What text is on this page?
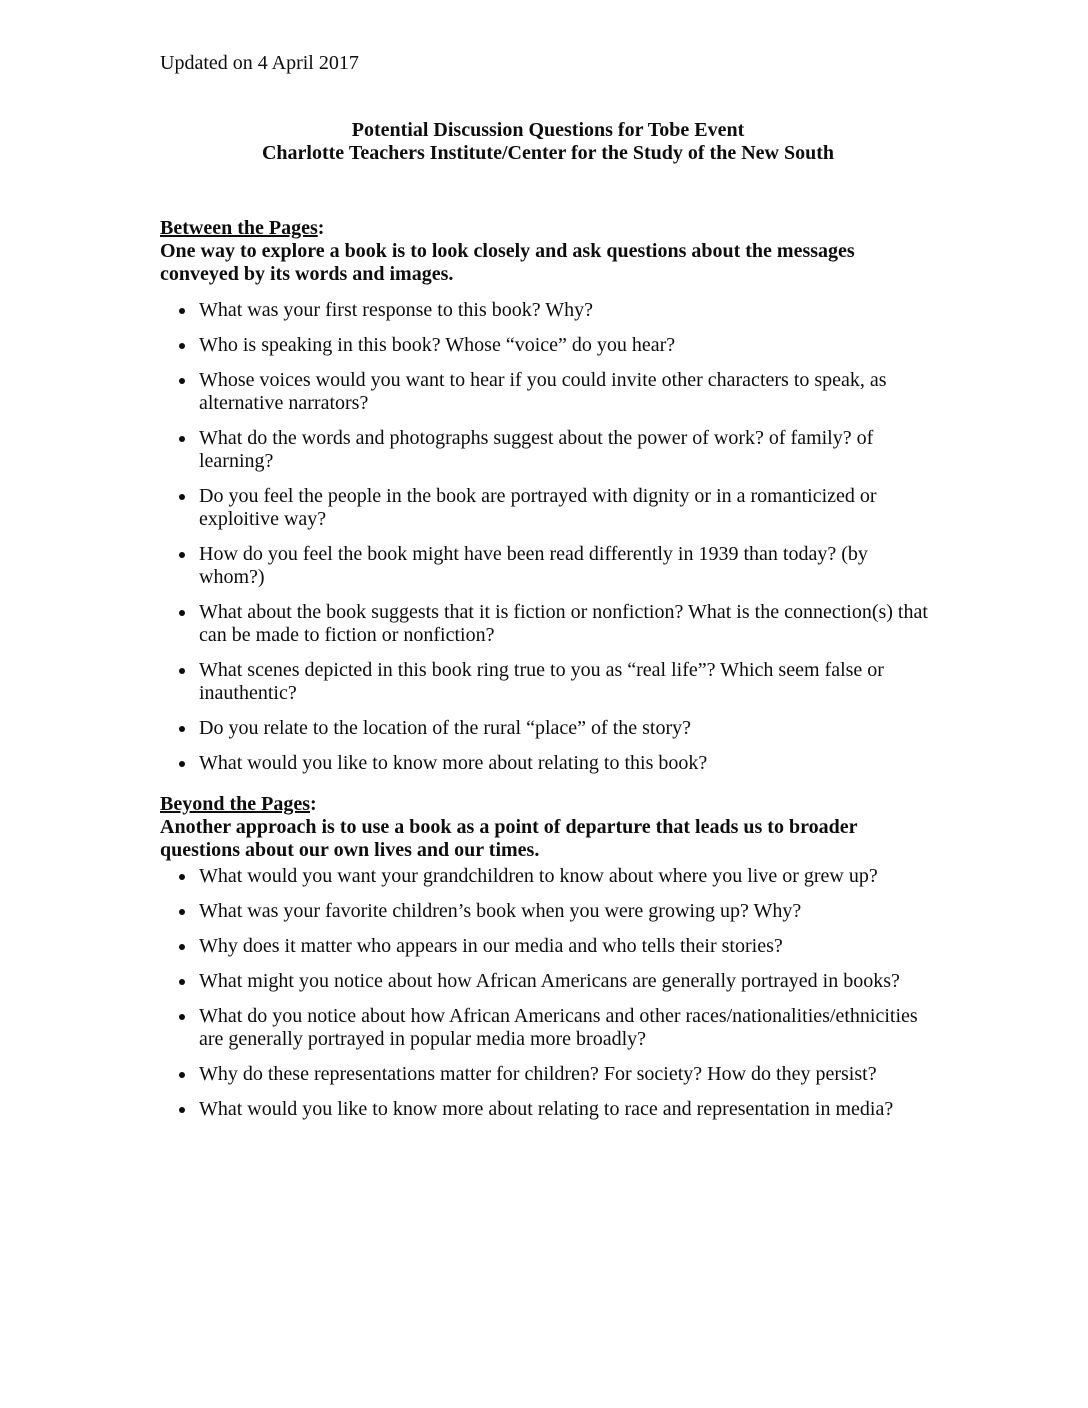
Updated on 4 April 2017
Potential Discussion Questions for Tobe Event
Charlotte Teachers Institute/Center for the Study of the New South
Between the Pages:
One way to explore a book is to look closely and ask questions about the messages conveyed by its words and images.
• What was your first response to this book? Why?
• Who is speaking in this book? Whose “voice” do you hear?
• Whose voices would you want to hear if you could invite other characters to speak, as alternative narrators?
• What do the words and photographs suggest about the power of work? of family? of learning?
• Do you feel the people in the book are portrayed with dignity or in a romanticized or exploitive way?
• How do you feel the book might have been read differently in 1939 than today? (by whom?)
• What about the book suggests that it is fiction or nonfiction? What is the connection(s) that can be made to fiction or nonfiction?
• What scenes depicted in this book ring true to you as “real life”? Which seem false or inauthentic?
• Do you relate to the location of the rural “place” of the story?
• What would you like to know more about relating to this book?
Beyond the Pages:
Another approach is to use a book as a point of departure that leads us to broader questions about our own lives and our times.
• What would you want your grandchildren to know about where you live or grew up?
• What was your favorite children’s book when you were growing up? Why?
• Why does it matter who appears in our media and who tells their stories?
• What might you notice about how African Americans are generally portrayed in books?
• What do you notice about how African Americans and other races/nationalities/ethnicities are generally portrayed in popular media more broadly?
• Why do these representations matter for children? For society? How do they persist?
• What would you like to know more about relating to race and representation in media?
